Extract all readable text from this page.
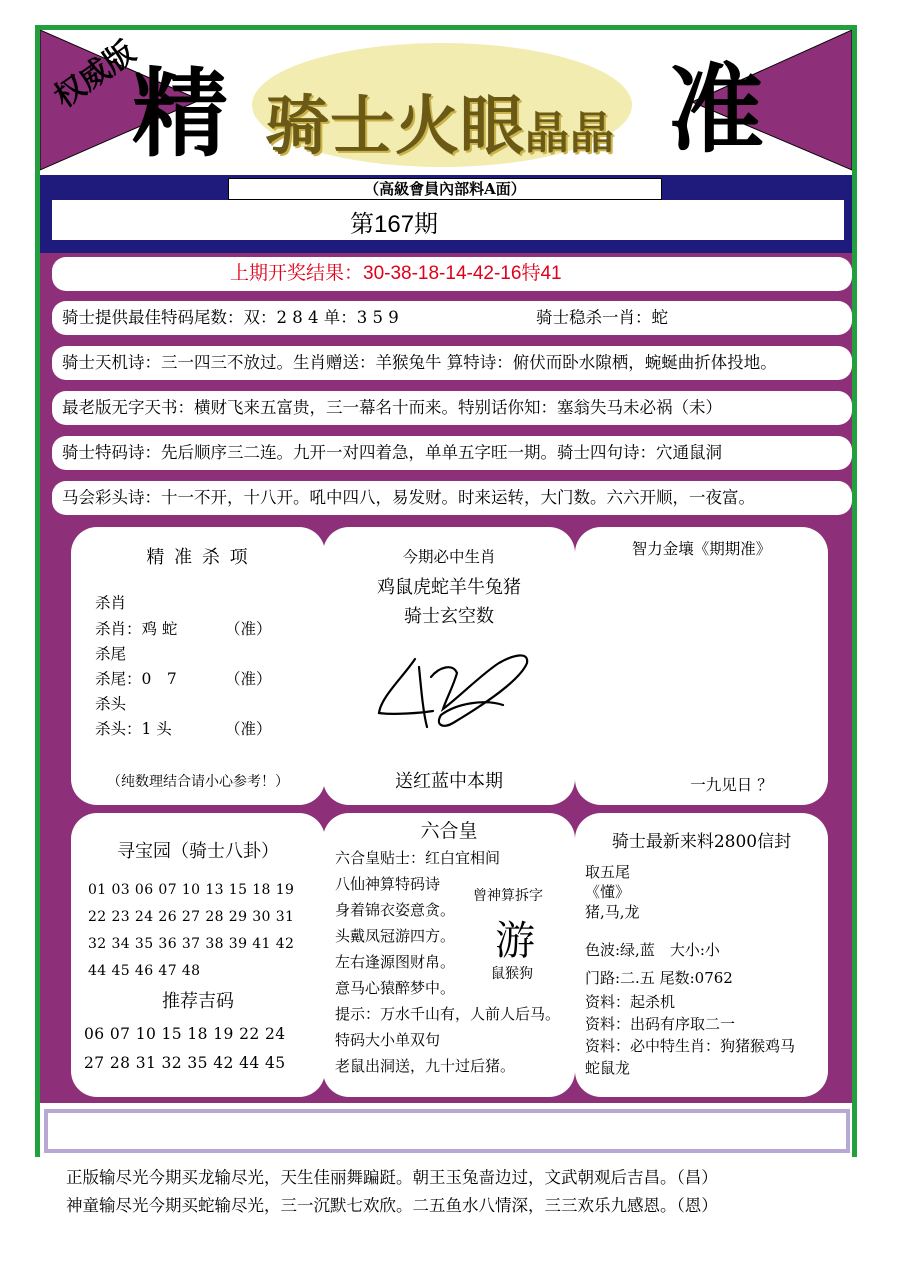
权威版
精 骑士火眼晶晶 准
（高級會員內部料A面）
第167期
上期开奖结果：30-38-18-14-42-16特41
骑士提供最佳特码尾数：双：2 8 4 单：3 5 9	骑士稳杀一肖：蛇
骑士天机诗：三一四三不放过。生肖赠送：羊猴兔牛 算特诗：俯伏而卧水隙栖，蜿蜒曲折体投地。
最老版无字天书：横财飞来五富贵，三一幕名十而来。特别话你知：塞翁失马未必祸（未）
骑士特码诗：先后顺序三二连。九开一对四着急，单单五字旺一期。骑士四句诗：穴通鼠洞
马会彩头诗：十一不开，十八开。吼中四八，易发财。时来运转，大门数。六六开顺，一夜富。
精 准 杀 项
杀肖
杀肖：鸡 蛇	（准）
杀尾
杀尾：0　7	（准）
杀头
杀头：1 头	（准）
（纯数理结合请小心参考！）
今期必中生肖
鸡鼠虎蛇羊牛兔猪
骑士玄空数
送红蓝中本期
智力金壤《期期准》
一九见日 ？
寻宝园（骑士八卦）
01 03 06 07 10 13 15 18 19
22 23 24 26 27 28 29 30 31
32 34 35 36 37 38 39 41 42
44 45 46 47 48
推荐吉码
06 07 10 15 18 19 22 24
27 28 31 32 35 42 44 45
六合皇
六合皇贴士：红白宜相间
八仙神算特码诗
身着锦衣姿意贪。
头戴凤冠游四方。
左右逢源图财帛。
意马心猿醉梦中。
提示：万水千山有，人前人后马。
特码大小单双句
老鼠出洞送，九十过后猪。
曾神算拆字
游
鼠猴狗
骑士最新来料2800信封
取五尾
《懂》
猪,马,龙
色波:绿,蓝　大小:小
门路:二.五 尾数:0762
资料：起杀机
资料：出码有序取二一
资料：必中特生肖：狗猪猴鸡马
蛇鼠龙
正版输尽光今期买龙输尽光，天生佳丽舞蹁跹。朝王玉兔啬边过，文武朝观后吉昌。（昌）
神童输尽光今期买蛇输尽光，三一沉默七欢欣。二五鱼水八情深，三三欢乐九感恩。（恩）
